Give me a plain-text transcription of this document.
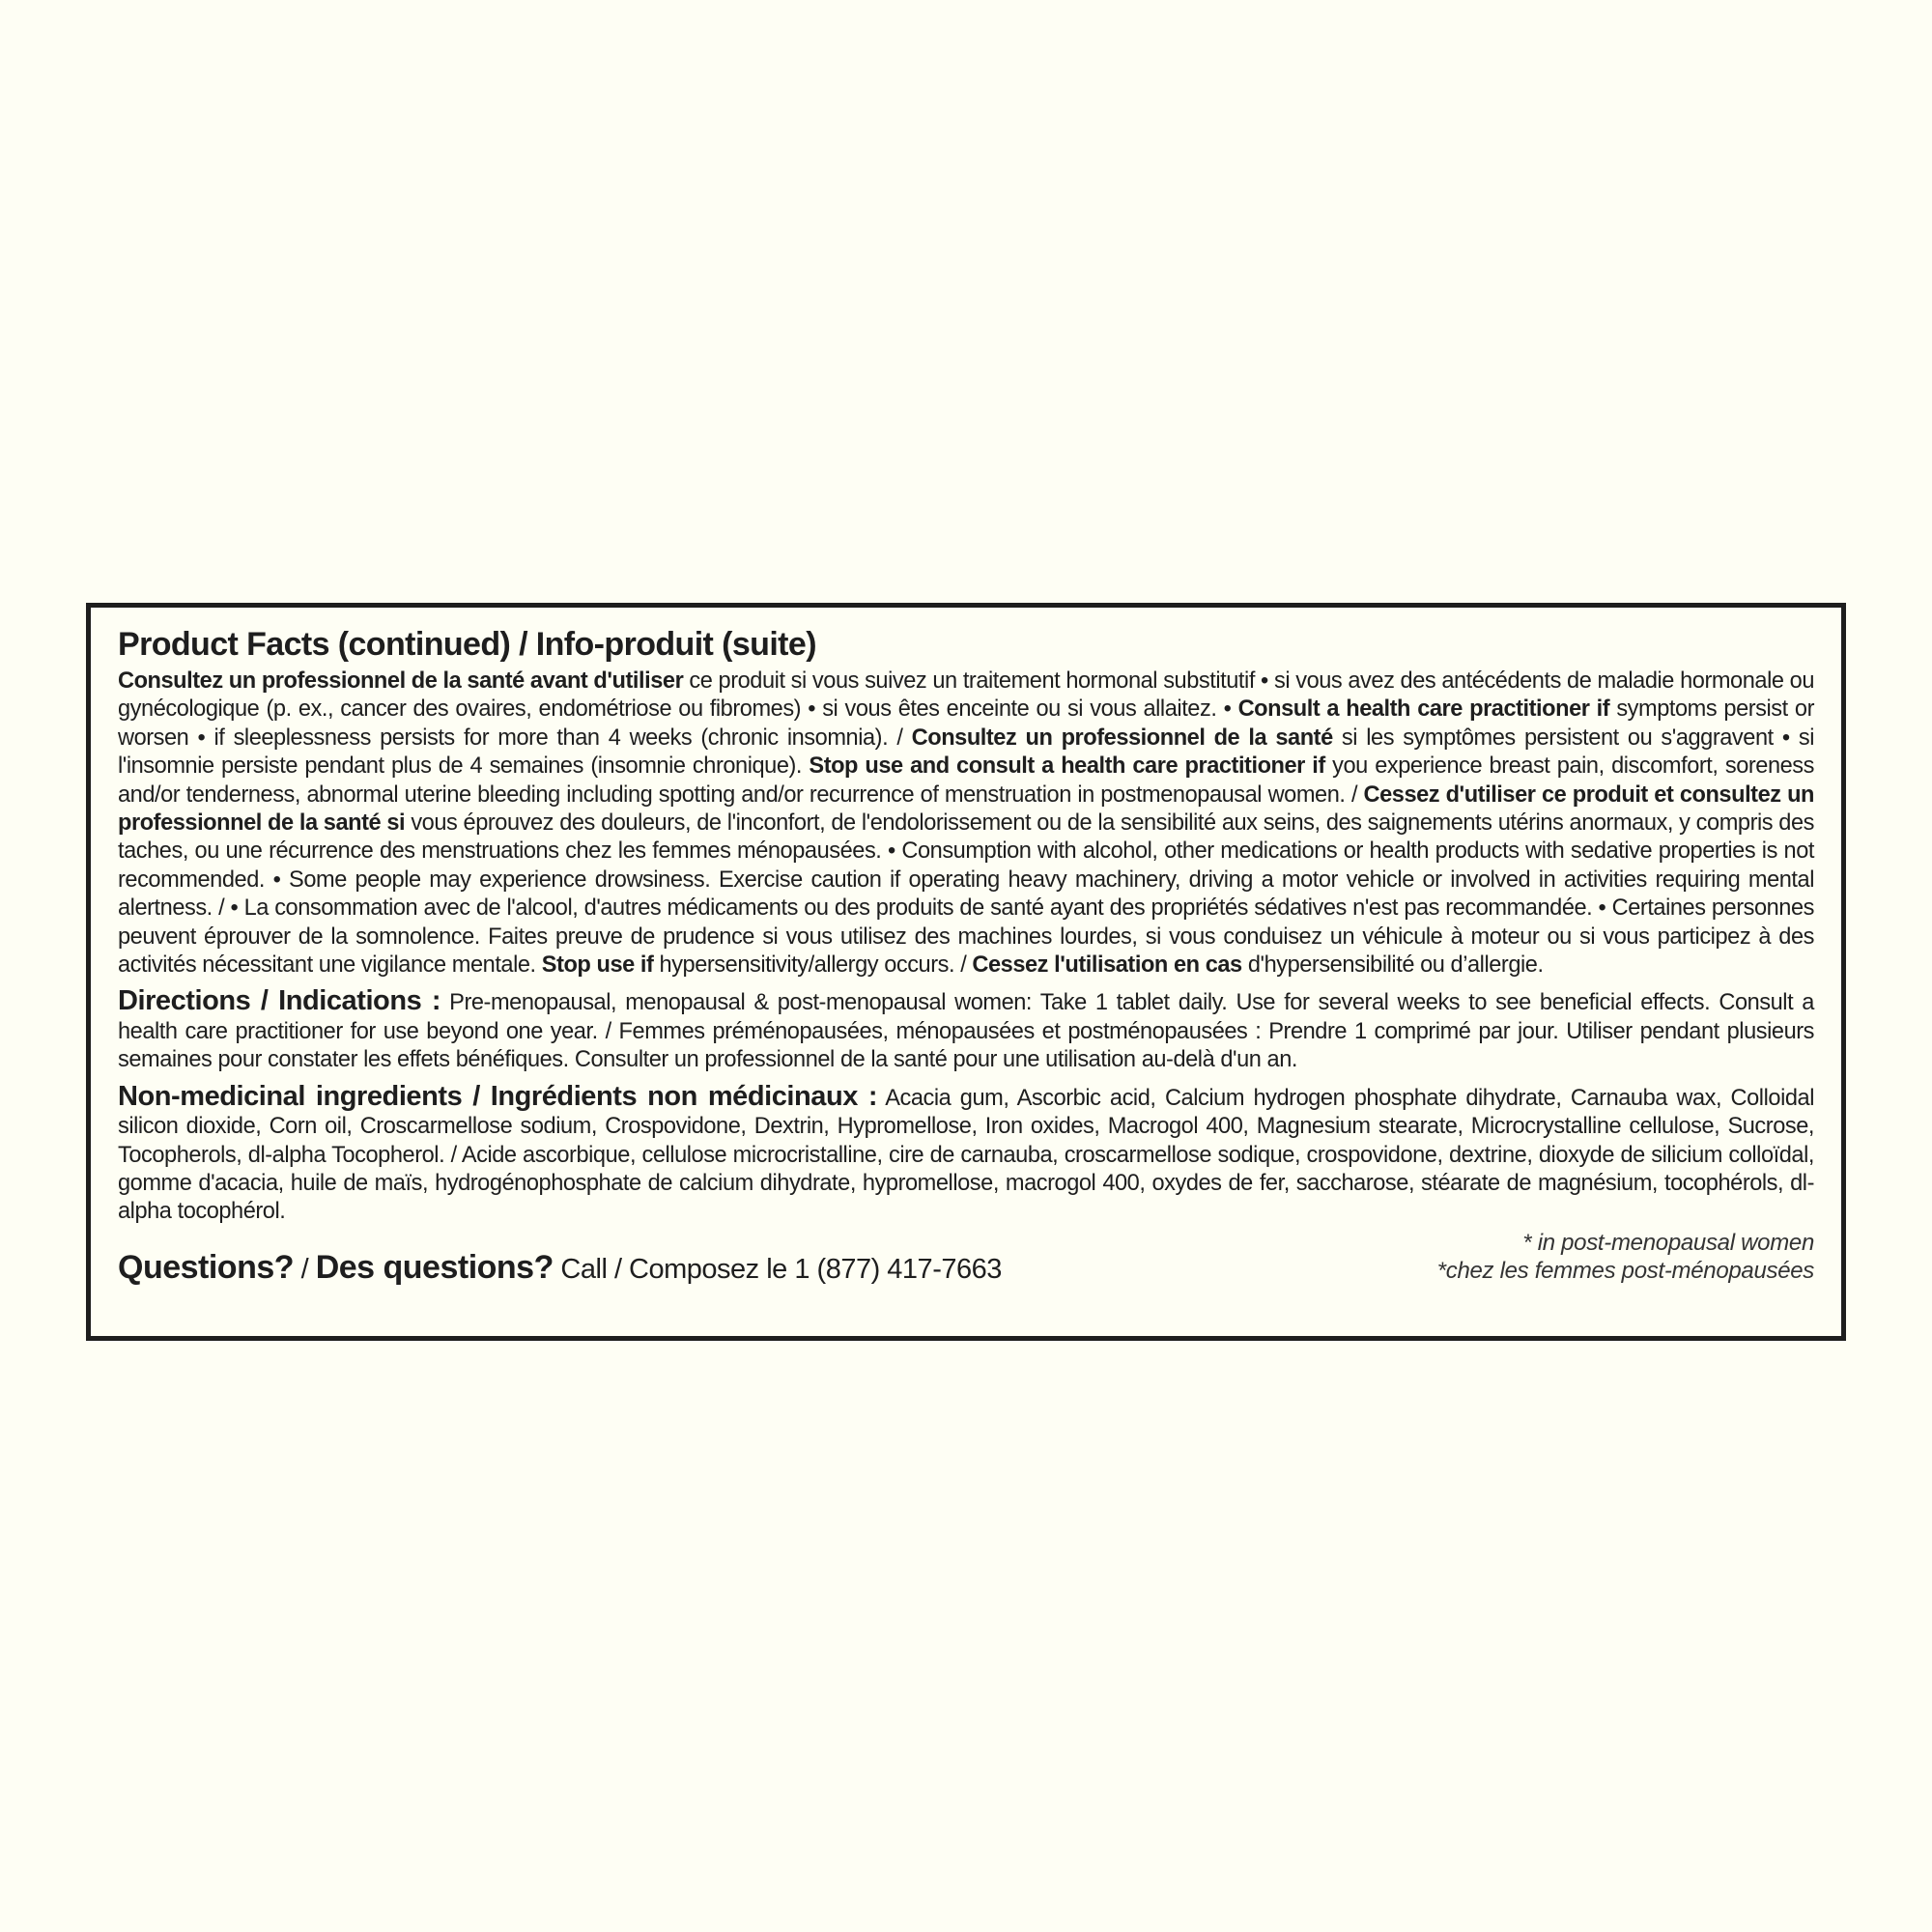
Product Facts (continued) / Info-produit (suite)

Consultez un professionnel de la santé avant d'utiliser ce produit si vous suivez un traitement hormonal substitutif • si vous avez des antécédents de maladie hormonale ou gynécologique (p. ex., cancer des ovaires, endométriose ou fibromes) • si vous êtes enceinte ou si vous allaitez. • Consult a health care practitioner if symptoms persist or worsen • if sleeplessness persists for more than 4 weeks (chronic insomnia). / Consultez un professionnel de la santé si les symptômes persistent ou s'aggravent • si l'insomnie persiste pendant plus de 4 semaines (insomnie chronique). Stop use and consult a health care practitioner if you experience breast pain, discomfort, soreness and/or tenderness, abnormal uterine bleeding including spotting and/or recurrence of menstruation in postmenopausal women. / Cessez d'utiliser ce produit et consultez un professionnel de la santé si vous éprouvez des douleurs, de l'inconfort, de l'endolorissement ou de la sensibilité aux seins, des saignements utérins anormaux, y compris des taches, ou une récurrence des menstruations chez les femmes ménopausées. • Consumption with alcohol, other medications or health products with sedative properties is not recommended. • Some people may experience drowsiness. Exercise caution if operating heavy machinery, driving a motor vehicle or involved in activities requiring mental alertness. / • La consommation avec de l'alcool, d'autres médicaments ou des produits de santé ayant des propriétés sédatives n'est pas recommandée. • Certaines personnes peuvent éprouver de la somnolence. Faites preuve de prudence si vous utilisez des machines lourdes, si vous conduisez un véhicule à moteur ou si vous participez à des activités nécessitant une vigilance mentale. Stop use if hypersensitivity/allergy occurs. / Cessez l'utilisation en cas d'hypersensibilité ou d’allergie.

Directions / Indications : Pre-menopausal, menopausal & post-menopausal women: Take 1 tablet daily. Use for several weeks to see beneficial effects. Consult a health care practitioner for use beyond one year. / Femmes préménopausées, ménopausées et postménopausées : Prendre 1 comprimé par jour. Utiliser pendant plusieurs semaines pour constater les effets bénéfiques. Consulter un professionnel de la santé pour une utilisation au-delà d'un an.

Non-medicinal ingredients / Ingrédients non médicinaux : Acacia gum, Ascorbic acid, Calcium hydrogen phosphate dihydrate, Carnauba wax, Colloidal silicon dioxide, Corn oil, Croscarmellose sodium, Crospovidone, Dextrin, Hypromellose, Iron oxides, Macrogol 400, Magnesium stearate, Microcrystalline cellulose, Sucrose, Tocopherols, dl-alpha Tocopherol. / Acide ascorbique, cellulose microcristalline, cire de carnauba, croscarmellose sodique, crospovidone, dextrine, dioxyde de silicium colloïdal, gomme d'acacia, huile de maïs, hydrogénophosphate de calcium dihydrate, hypromellose, macrogol 400, oxydes de fer, saccharose, stéarate de magnésium, tocophérols, dl-alpha tocophérol.

Questions? / Des questions? Call / Composez le 1 (877) 417-7663
* in post-menopausal women
*chez les femmes post-ménopausées
